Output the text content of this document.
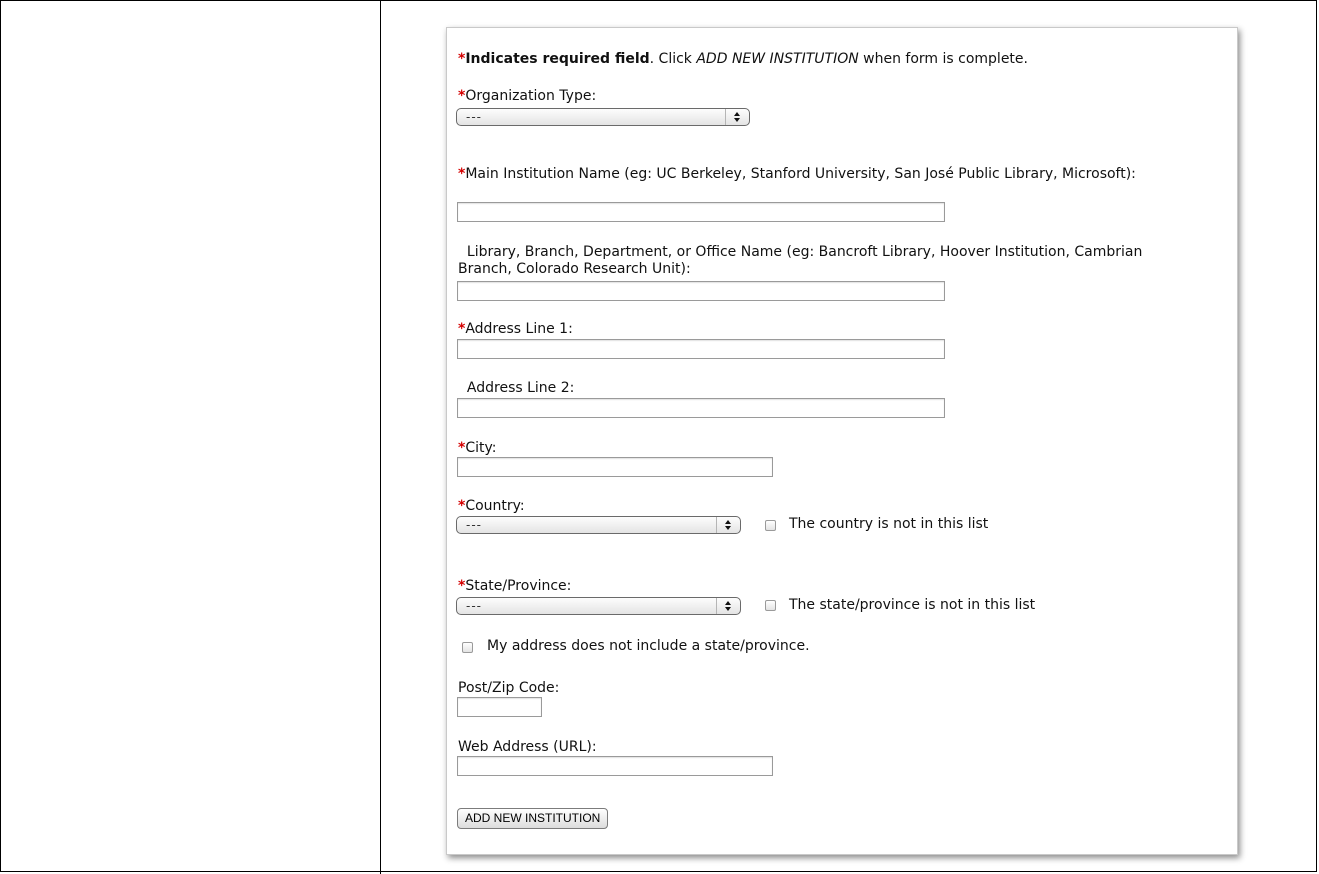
*Indicates required field. Click ADD NEW INSTITUTION when form is complete.
*Organization Type:
---
*Main Institution Name (eg: UC Berkeley, Stanford University, San José Public Library, Microsoft):
Library, Branch, Department, or Office Name (eg: Bancroft Library, Hoover Institution, Cambrian Branch, Colorado Research Unit):
*Address Line 1:
Address Line 2:
*City:
*Country:
---	The country is not in this list
*State/Province:
---	The state/province is not in this list
My address does not include a state/province.
Post/Zip Code:
Web Address (URL):
ADD NEW INSTITUTION
